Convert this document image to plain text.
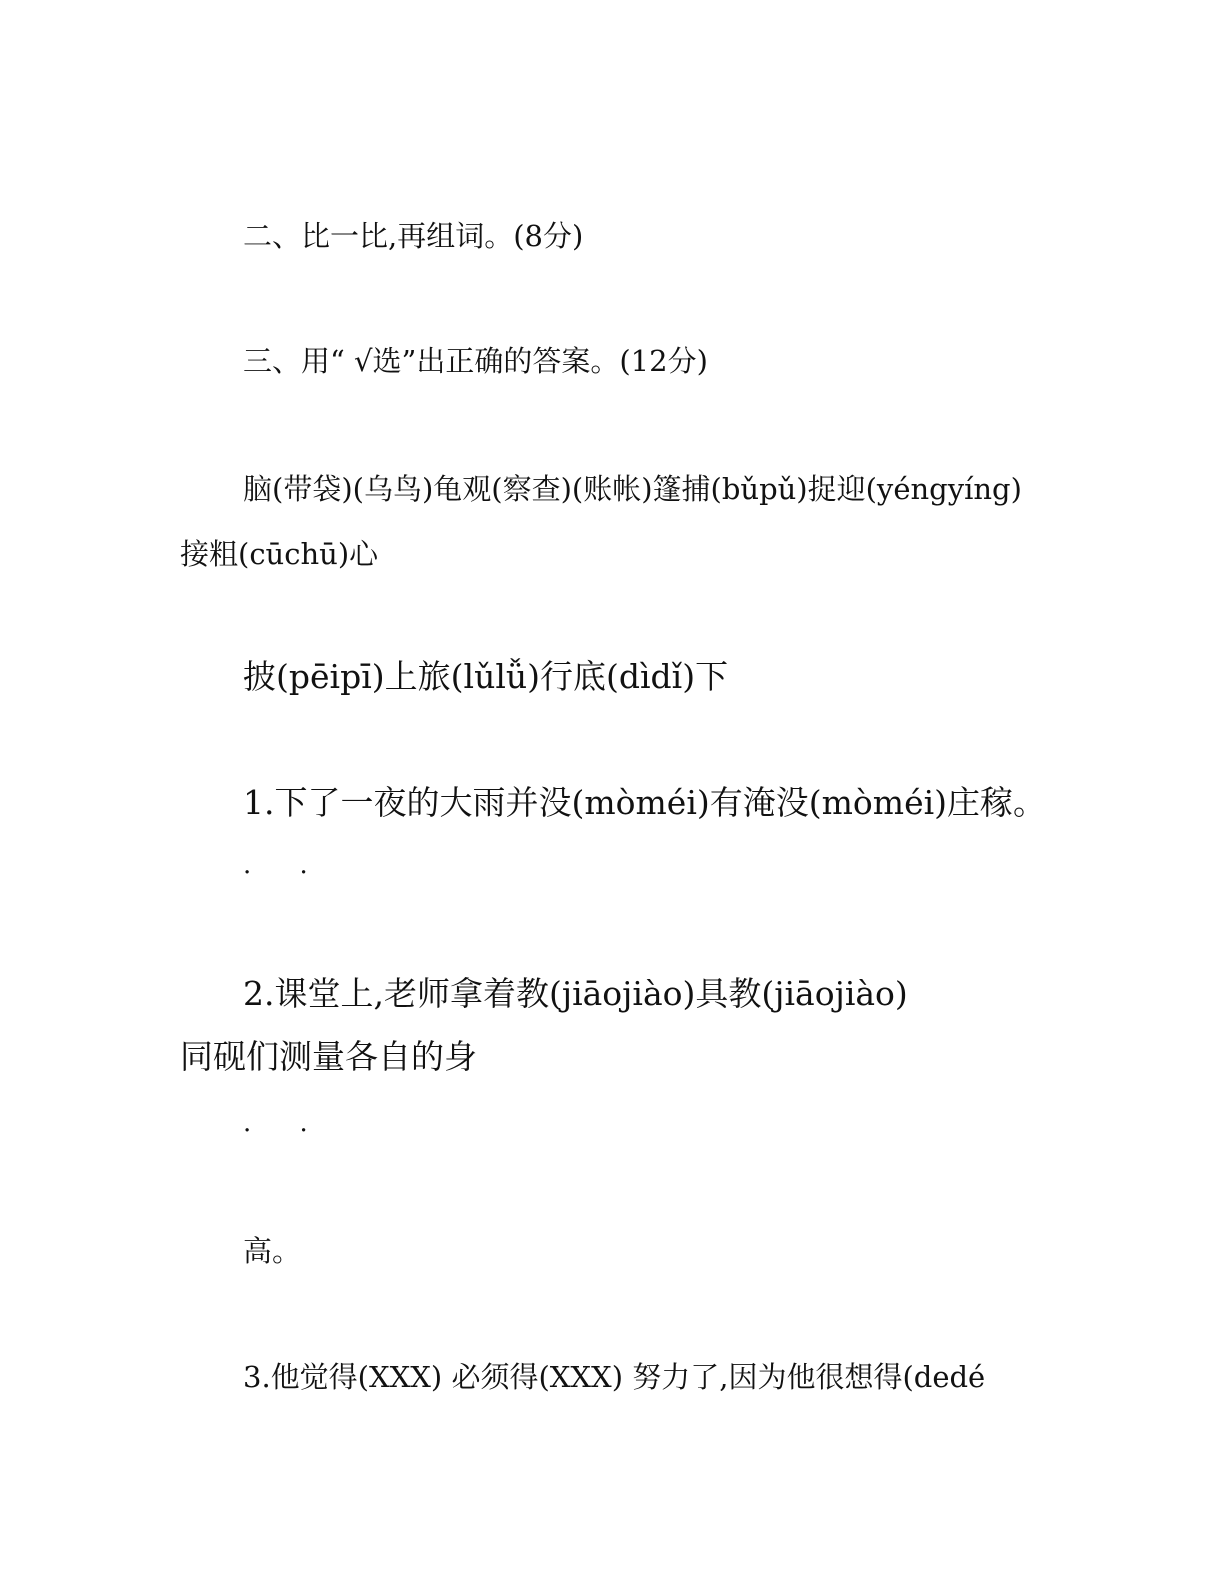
二、比一比,再组词。(8分)
三、用“ √选”出正确的答案。(12分)
脑(带袋)(乌鸟)龟观(察查)(账帐)篷捕(bǔpǔ)捉迎(yéngyíng)
接粗(cūchū)心
披(pēipī)上旅(lǔlǚ)行底(dìdǐ)下
1.下了一夜的大雨并没(mòméi)有淹没(mòméi)庄稼。
· ·
2.课堂上,老师拿着教(jiāojiào)具教(jiāojiào)
同砚们测量各自的身
· ·
高。
3.他觉得(XXX) 必须得(XXX) 努力了,因为他很想得(dedé
